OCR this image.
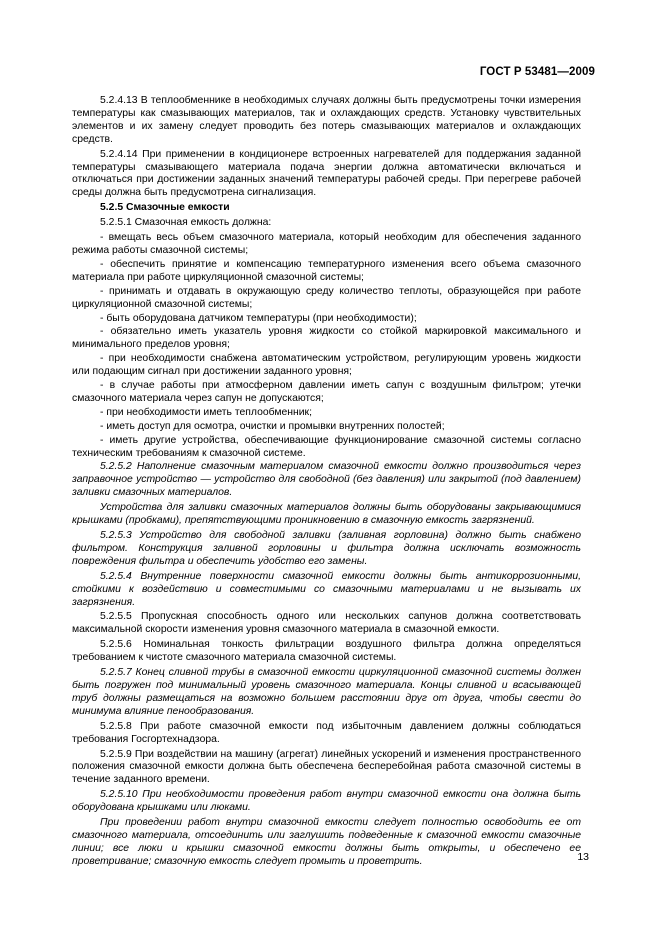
ГОСТ Р 53481—2009

5.2.4.13 В теплообменнике в необходимых случаях должны быть предусмотрены точки измерения температуры как смазывающих материалов, так и охлаждающих средств. Установку чувствительных элементов и их замену следует проводить без потерь смазывающих материалов и охлаждающих средств.

5.2.4.14 При применении в кондиционере встроенных нагревателей для поддержания заданной температуры смазывающего материала подача энергии должна автоматически включаться и отключаться при достижении заданных значений температуры рабочей среды. При перегреве рабочей среды должна быть предусмотрена сигнализация.

5.2.5 Смазочные емкости

5.2.5.1 Смазочная емкость должна:

- вмещать весь объем смазочного материала, который необходим для обеспечения заданного режима работы смазочной системы;

- обеспечить принятие и компенсацию температурного изменения всего объема смазочного материала при работе циркуляционной смазочной системы;

- принимать и отдавать в окружающую среду количество теплоты, образующейся при работе циркуляционной смазочной системы;

- быть оборудована датчиком температуры (при необходимости);

- обязательно иметь указатель уровня жидкости со стойкой маркировкой максимального и минимального пределов уровня;

- при необходимости снабжена автоматическим устройством, регулирующим уровень жидкости или подающим сигнал при достижении заданного уровня;

- в случае работы при атмосферном давлении иметь сапун с воздушным фильтром; утечки смазочного материала через сапун не допускаются;

- при необходимости иметь теплообменник;

- иметь доступ для осмотра, очистки и промывки внутренних полостей;

- иметь другие устройства, обеспечивающие функционирование смазочной системы согласно техническим требованиям к смазочной системе.

5.2.5.2 Наполнение смазочным материалом смазочной емкости должно производиться через заправочное устройство — устройство для свободной (без давления) или закрытой (под давлением) заливки смазочных материалов.

Устройства для заливки смазочных материалов должны быть оборудованы закрывающимися крышками (пробками), препятствующими проникновению в смазочную емкость загрязнений.

5.2.5.3 Устройство для свободной заливки (заливная горловина) должно быть снабжено фильтром. Конструкция заливной горловины и фильтра должна исключать возможность повреждения фильтра и обеспечить удобство его замены.

5.2.5.4 Внутренние поверхности смазочной емкости должны быть антикоррозионными, стойкими к воздействию и совместимыми со смазочными материалами и не вызывать их загрязнения.

5.2.5.5 Пропускная способность одного или нескольких сапунов должна соответствовать максимальной скорости изменения уровня смазочного материала в смазочной емкости.

5.2.5.6 Номинальная тонкость фильтрации воздушного фильтра должна определяться требованием к чистоте смазочного материала смазочной системы.

5.2.5.7 Конец сливной трубы в смазочной емкости циркуляционной смазочной системы должен быть погружен под минимальный уровень смазочного материала. Концы сливной и всасывающей труб должны размещаться на возможно большем расстоянии друг от друга, чтобы свести до минимума влияние пенообразования.

5.2.5.8 При работе смазочной емкости под избыточным давлением должны соблюдаться требования Госгортехнадзора.

5.2.5.9 При воздействии на машину (агрегат) линейных ускорений и изменения пространственного положения смазочной емкости должна быть обеспечена бесперебойная работа смазочной системы в течение заданного времени.

5.2.5.10 При необходимости проведения работ внутри смазочной емкости она должна быть оборудована крышками или люками.

При проведении работ внутри смазочной емкости следует полностью освободить ее от смазочного материала, отсоединить или заглушить подведенные к смазочной емкости смазочные линии; все люки и крышки смазочной емкости должны быть открыты, и обеспечено ее проветривание; смазочную емкость следует промыть и проветрить.	13
